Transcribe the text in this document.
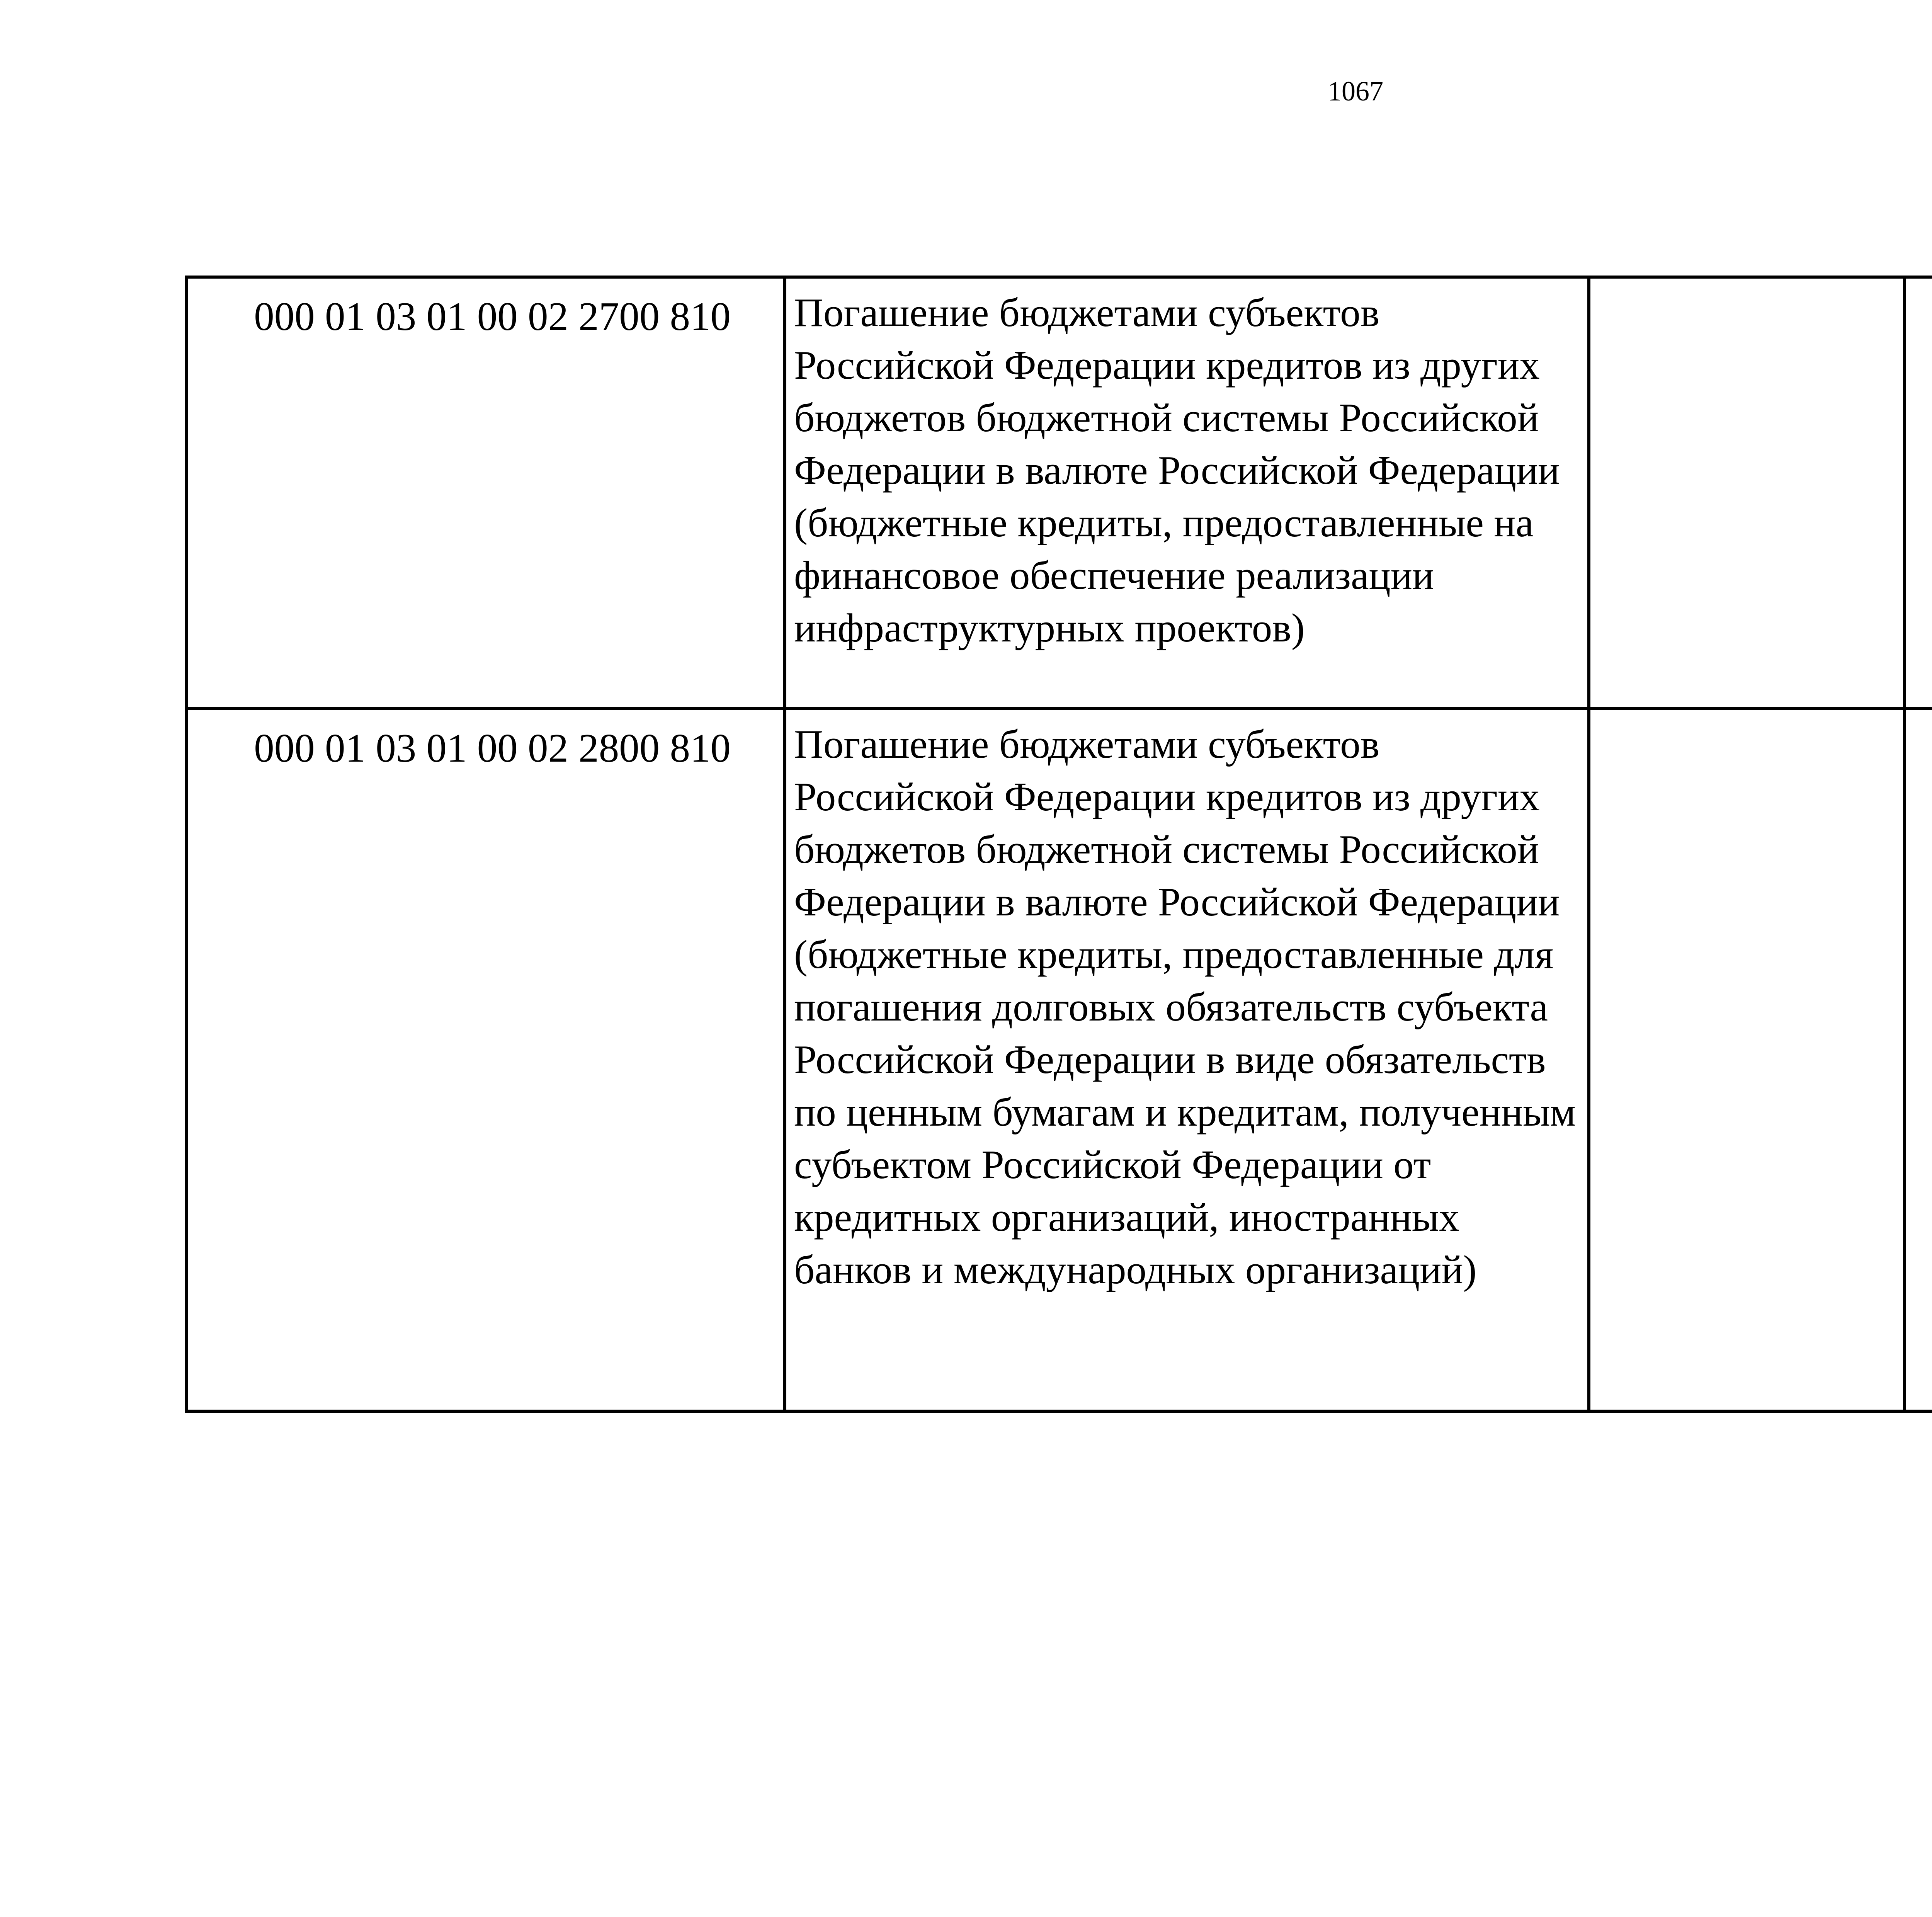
1067
000 01 03 01 00 02 2700 810	Погашение бюджетами субъектов Российской Федерации кредитов из других бюджетов бюджетной системы Российской Федерации в валюте Российской Федерации (бюджетные кредиты, предоставленные на финансовое обеспечение реализации инфраструктурных проектов)			
000 01 03 01 00 02 2800 810	Погашение бюджетами субъектов Российской Федерации кредитов из других бюджетов бюджетной системы Российской Федерации в валюте Российской Федерации (бюджетные кредиты, предоставленные для погашения долговых обязательств субъекта Российской Федерации в виде обязательств по ценным бумагам и кредитам, полученным субъектом Российской Федерации от кредитных организаций, иностранных банков и международных организаций)			
